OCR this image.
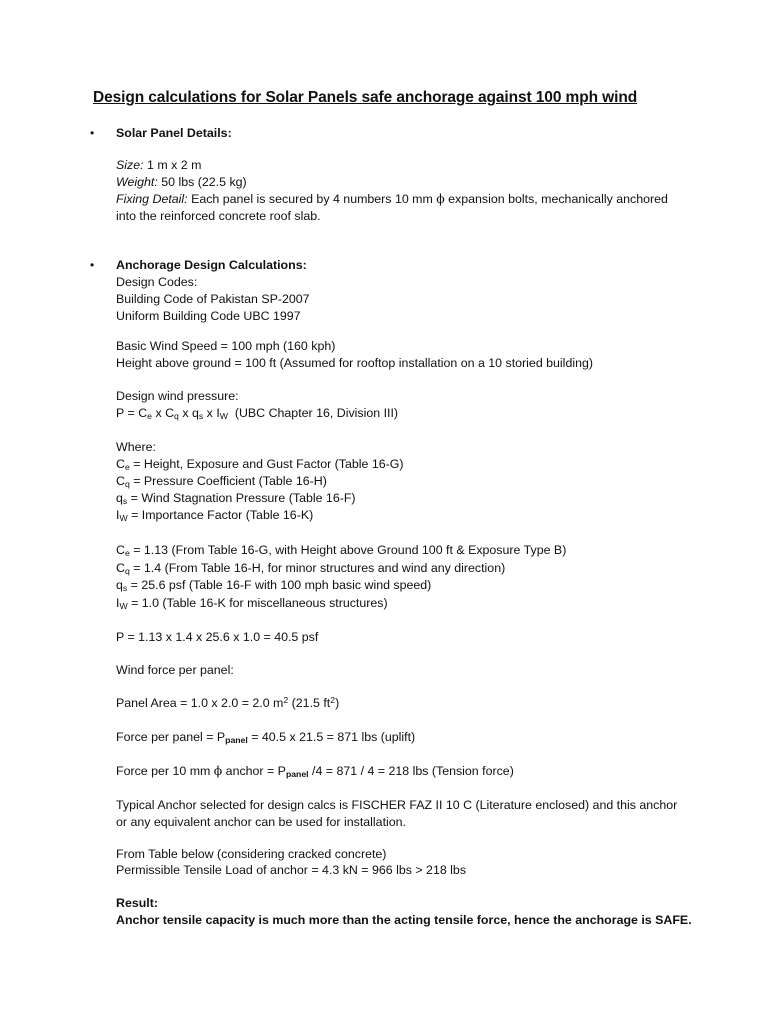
Design calculations for Solar Panels safe anchorage against 100 mph wind
• Solar Panel Details:
Size: 1 m x 2 m
Weight: 50 lbs (22.5 kg)
Fixing Detail: Each panel is secured by 4 numbers 10 mm ϕ expansion bolts, mechanically anchored
into the reinforced concrete roof slab.
• Anchorage Design Calculations:
Design Codes:
Building Code of Pakistan SP-2007
Uniform Building Code UBC 1997
Basic Wind Speed = 100 mph (160 kph)
Height above ground = 100 ft (Assumed for rooftop installation on a 10 storied building)
Design wind pressure:
$P = C_e$ x $C_q$ x $q_s$ x $I_W$ (UBC Chapter 16, Division III)
Where:
$C_e$ = Height, Exposure and Gust Factor (Table 16-G)
$C_q$ = Pressure Coefficient (Table 16-H)
$q_s$ = Wind Stagnation Pressure (Table 16-F)
$I_W$ = Importance Factor (Table 16-K)
$C_e = 1.13$ (From Table 16-G, with Height above Ground 100 ft & Exposure Type B)
$C_q = 1.4$ (From Table 16-H, for minor structures and wind any direction)
$q_s = 25.6$ psf (Table 16-F with 100 mph basic wind speed)
$I_W = 1.0$ (Table 16-K for miscellaneous structures)
P = 1.13 x 1.4 x 25.6 x 1.0 = 40.5 psf
Wind force per panel:
Panel Area = 1.0 x 2.0 = 2.0 $m^2$ (21.5 $ft^2$)
Force per panel = $P_{panel} = 40.5$ x 21.5 = 871 lbs (uplift)
Force per 10 mm ϕ anchor = $P_{panel}$ /4 = 871 / 4 = 218 lbs (Tension force)
Typical Anchor selected for design calcs is FISCHER FAZ II 10 C (Literature enclosed) and this anchor
or any equivalent anchor can be used for installation.
From Table below (considering cracked concrete)
Permissible Tensile Load of anchor = 4.3 kN = 966 lbs > 218 lbs
Result:
Anchor tensile capacity is much more than the acting tensile force, hence the anchorage is SAFE.
